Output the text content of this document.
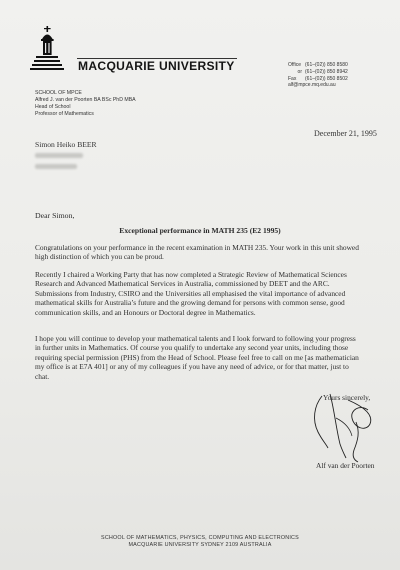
MACQUARIE UNIVERSITY	Office (61–(02)) 850 8580
or (61–(02)) 850 8942
Fax (61–(02)) 850 8502
alf@mpce.mq.edu.au
SCHOOL OF MPCE
Alfred J. van der Poorten BA BSc PhD MBA
Head of School
Professor of Mathematics
December 21, 1995
Simon Heiko BEER
Dear Simon,
Exceptional performance in MATH 235 (E2 1995)
Congratulations on your performance in the recent examination in MATH 235. Your work in this unit showed high distinction of which you can be proud.
Recently I chaired a Working Party that has now completed a Strategic Review of Mathematical Sciences Research and Advanced Mathematical Services in Australia, commissioned by DEET and the ARC. Submissions from Industry, CSIRO and the Universities all emphasised the vital importance of advanced mathematical skills for Australia’s future and the growing demand for persons with common sense, good communication skills, and an Honours or Doctoral degree in Mathematics.
I hope you will continue to develop your mathematical talents and I look forward to following your progress in further units in Mathematics. Of course you qualify to undertake any second year units, including those requiring special permission (PHS) from the Head of School. Please feel free to call on me [as mathematician my office is at E7A 401] or any of my colleagues if you have any need of advice, or for that matter, just to chat.
Yours sincerely,
Alf van der Poorten
SCHOOL OF MATHEMATICS, PHYSICS, COMPUTING AND ELECTRONICS
MACQUARIE UNIVERSITY SYDNEY 2109 AUSTRALIA
